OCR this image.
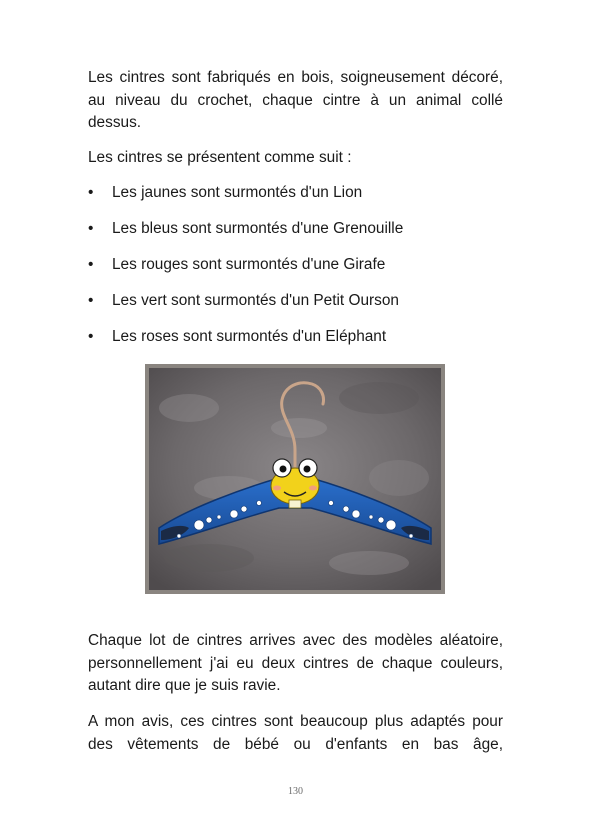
Les cintres sont fabriqués en bois, soigneusement décoré, au niveau du crochet, chaque cintre à un animal collé dessus.

Les cintres se présentent comme suit :

• Les jaunes sont surmontés d'un Lion
• Les bleus sont surmontés d'une Grenouille
• Les rouges sont surmontés d'une Girafe
• Les vert sont surmontés d'un Petit Ourson
• Les roses sont surmontés d'un Eléphant

Chaque lot de cintres arrives avec des modèles aléatoire, personnellement j'ai eu deux cintres de chaque couleurs, autant dire que je suis ravie.

A mon avis, ces cintres sont beaucoup plus adaptés pour des vêtements de bébé ou d'enfants en bas âge,

130
